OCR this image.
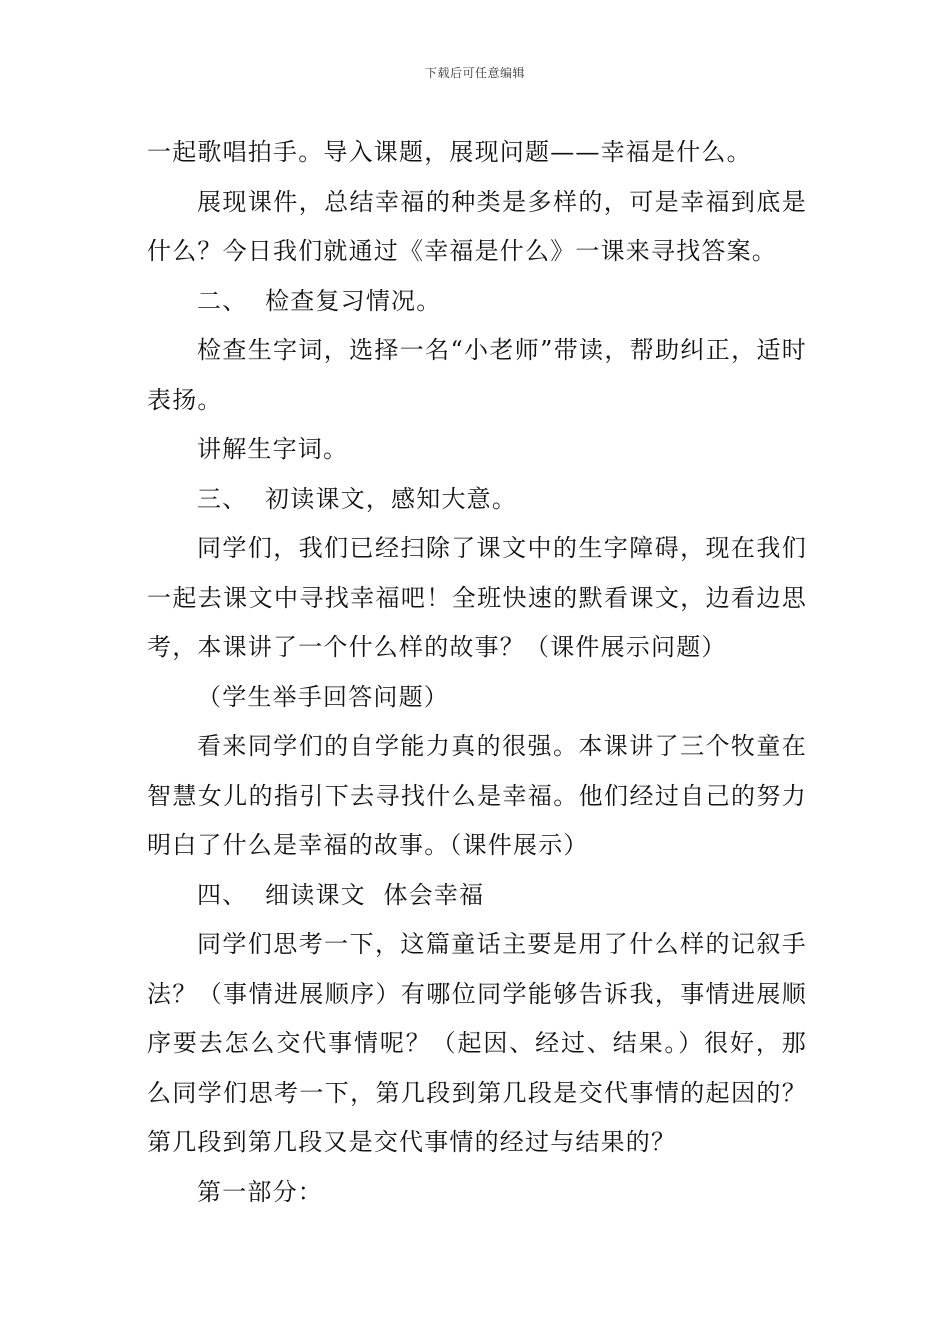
下载后可任意编辑

一起歌唱拍手。导入课题，展现问题——幸福是什么。

展现课件，总结幸福的种类是多样的，可是幸福到底是什么？今日我们就通过《幸福是什么》一课来寻找答案。

二、  检查复习情况。

检查生字词，选择一名“小老师”带读，帮助纠正，适时表扬。

讲解生字词。

三、  初读课文，感知大意。

同学们，我们已经扫除了课文中的生字障碍，现在我们一起去课文中寻找幸福吧！全班快速的默看课文，边看边思考，本课讲了一个什么样的故事？（课件展示问题）

（学生举手回答问题）

看来同学们的自学能力真的很强。本课讲了三个牧童在智慧女儿的指引下去寻找什么是幸福。他们经过自己的努力明白了什么是幸福的故事。（课件展示）

四、  细读课文  体会幸福

同学们思考一下，这篇童话主要是用了什么样的记叙手法？（事情进展顺序）有哪位同学能够告诉我，事情进展顺序要去怎么交代事情呢？（起因、经过、结果。）很好，那么同学们思考一下，第几段到第几段是交代事情的起因的？第几段到第几段又是交代事情的经过与结果的？

第一部分：
